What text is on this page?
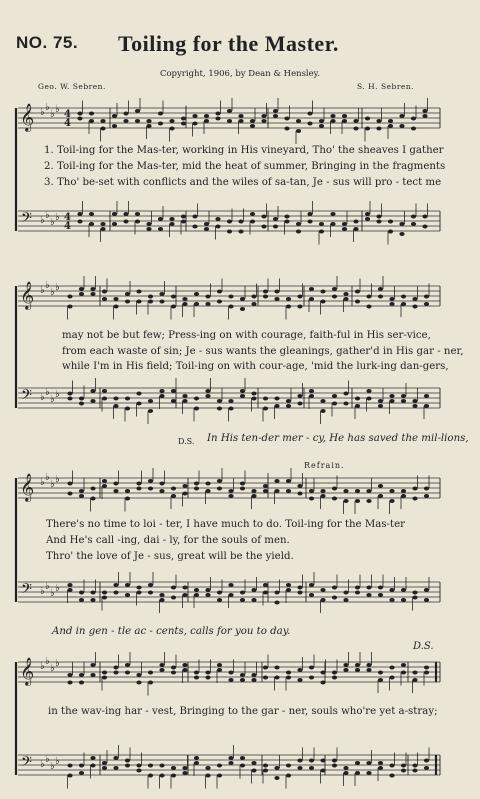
NO. 75. Toiling for the Master.
Copyright, 1906, by Dean & Hensley.
Geo. W. Sebren.	S. H. Sebren.
𝄞
𝄢
♭ ♭
♭ ♭
♭ ♭
♭ ♭
4
4
4
4
𝄞
𝄢
♭ ♭
♭ ♭
♭ ♭
♭ ♭
𝄞
𝄢
♭ ♭
♭ ♭
♭ ♭
♭ ♭
𝄞
𝄢
♭ ♭
♭ ♭
♭ ♭
♭ ♭
1. Toil-ing for the Mas-ter, working in His vineyard, Tho' the sheaves I gather
2. Toil-ing for the Mas-ter, mid the heat of summer, Bringing in the fragments
3. Tho' be-set with conflicts and the wiles of sa-tan, Je - sus will pro - tect me
may not be but few; Press-ing on with courage, faith-ful in His ser-vice,
from each waste of sin; Je - sus wants the gleanings, gather'd in His gar - ner,
while I'm in His field; Toil-ing on with cour-age, 'mid the lurk-ing dan-gers,
D.S. In His ten-der mer - cy, He has saved the mil-lions,
Refrain.
There's no time to loi - ter, I have much to do. Toil-ing for the Mas-ter
And He's call -ing, dai - ly, for the souls of men.
Thro' the love of Je - sus, great will be the yield.
And in gen - tle ac - cents, calls for you to day.
D.S.
in the wav-ing har - vest, Bringing to the gar - ner, souls who're yet a-stray;
